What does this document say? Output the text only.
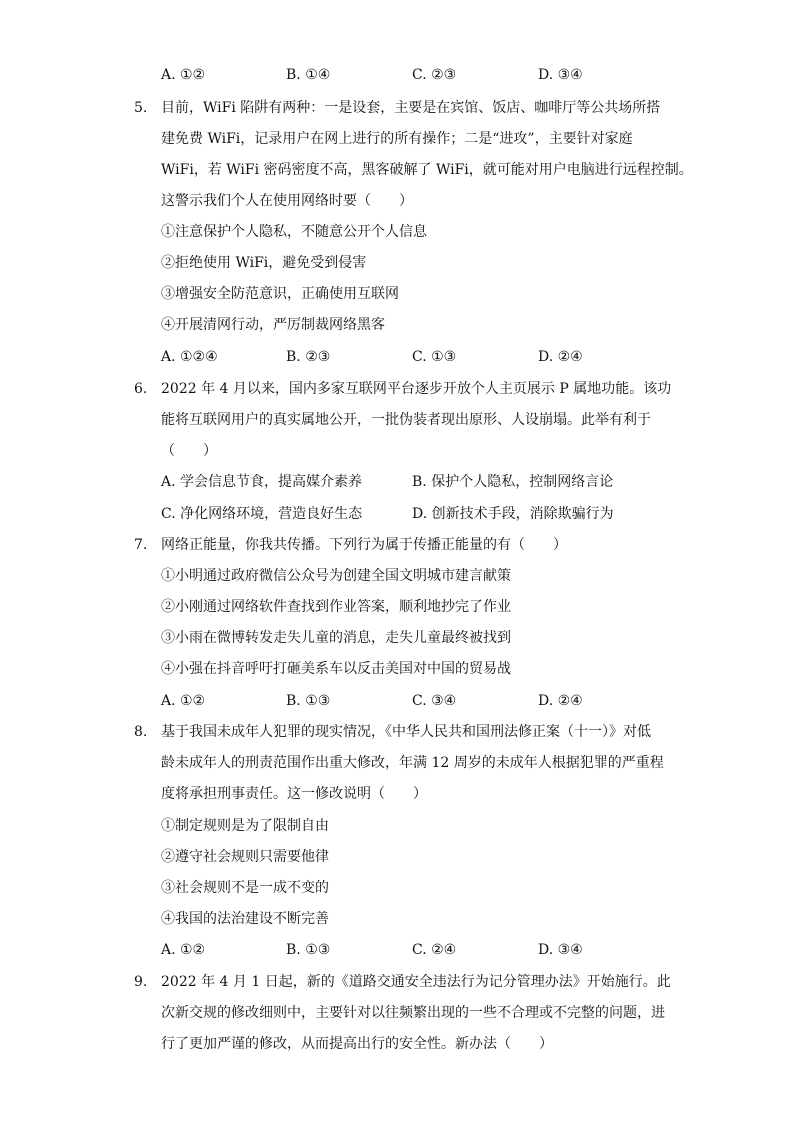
A. ①②	B. ①④	C. ②③	D. ③④
5. 目前，WiFi 陷阱有两种：一是设套，主要是在宾馆、饭店、咖啡厅等公共场所搭
建免费 WiFi，记录用户在网上进行的所有操作；二是“进攻”，主要针对家庭
WiFi，若 WiFi 密码密度不高，黑客破解了 WiFi，就可能对用户电脑进行远程控制。
这警示我们个人在使用网络时要（　　）
①注意保护个人隐私，不随意公开个人信息
②拒绝使用 WiFi，避免受到侵害
③增强安全防范意识，正确使用互联网
④开展清网行动，严厉制裁网络黑客
A. ①②④	B. ②③	C. ①③	D. ②④
6. 2022 年 4 月以来，国内多家互联网平台逐步开放个人主页展示 P 属地功能。该功
能将互联网用户的真实属地公开，一批伪装者现出原形、人设崩塌。此举有利于
（　　）
A. 学会信息节食，提高媒介素养	B. 保护个人隐私，控制网络言论
C. 净化网络环境，营造良好生态	D. 创新技术手段，消除欺骗行为
7. 网络正能量，你我共传播。下列行为属于传播正能量的有（　　）
①小明通过政府微信公众号为创建全国文明城市建言献策
②小刚通过网络软件查找到作业答案，顺利地抄完了作业
③小雨在微博转发走失儿童的消息，走失儿童最终被找到
④小强在抖音呼吁打砸美系车以反击美国对中国的贸易战
A. ①②	B. ①③	C. ③④	D. ②④
8. 基于我国未成年人犯罪的现实情况，《中华人民共和国刑法修正案（十一）》对低
龄未成年人的刑责范围作出重大修改，年满 12 周岁的未成年人根据犯罪的严重程
度将承担刑事责任。这一修改说明（　　）
①制定规则是为了限制自由
②遵守社会规则只需要他律
③社会规则不是一成不变的
④我国的法治建设不断完善
A. ①②	B. ①③	C. ②④	D. ③④
9. 2022 年 4 月 1 日起，新的《道路交通安全违法行为记分管理办法》开始施行。此
次新交规的修改细则中，主要针对以往频繁出现的一些不合理或不完整的问题，进
行了更加严谨的修改，从而提高出行的安全性。新办法（　　）
